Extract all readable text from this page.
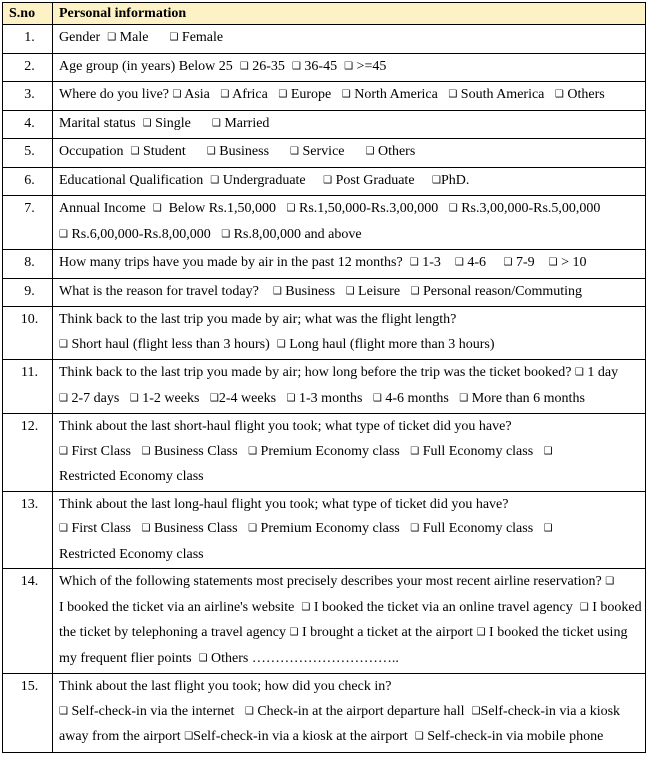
S.no	Personal information
1.	Gender ❑ Male ❑ Female
2.	Age group (in years) Below 25 ❑ 26-35 ❑ 36-45 ❑ >=45
3.	Where do you live? ❑ Asia ❑ Africa ❑ Europe ❑ North America ❑ South America ❑ Others
4.	Marital status ❑ Single ❑ Married
5.	Occupation ❑ Student ❑ Business ❑ Service ❑ Others
6.	Educational Qualification ❑ Undergraduate ❑ Post Graduate ❑PhD.
7.	Annual Income ❑ Below Rs.1,50,000 ❑ Rs.1,50,000-Rs.3,00,000 ❑ Rs.3,00,000-Rs.5,00,000 ❑ Rs.6,00,000-Rs.8,00,000 ❑ Rs.8,00,000 and above
8.	How many trips have you made by air in the past 12 months? ❑ 1-3 ❑ 4-6 ❑ 7-9 ❑ > 10
9.	What is the reason for travel today? ❑ Business ❑ Leisure ❑ Personal reason/Commuting
10.	Think back to the last trip you made by air; what was the flight length?
❑ Short haul (flight less than 3 hours) ❑ Long haul (flight more than 3 hours)
11.	Think back to the last trip you made by air; how long before the trip was the ticket booked? ❑ 1 day
❑ 2-7 days ❑ 1-2 weeks ❑2-4 weeks ❑ 1-3 months ❑ 4-6 months ❑ More than 6 months
12.	Think about the last short-haul flight you took; what type of ticket did you have?
❑ First Class ❑ Business Class ❑ Premium Economy class ❑ Full Economy class ❑
Restricted Economy class
13.	Think about the last long-haul flight you took; what type of ticket did you have?
❑ First Class ❑ Business Class ❑ Premium Economy class ❑ Full Economy class ❑
Restricted Economy class
14.	Which of the following statements most precisely describes your most recent airline reservation? ❑
I booked the ticket via an airline's website ❑ I booked the ticket via an online travel agency ❑ I booked the ticket by telephoning a travel agency ❑ I brought a ticket at the airport ❑ I booked the ticket using my frequent flier points ❑ Others …………………………..
15.	Think about the last flight you took; how did you check in?
❑ Self-check-in via the internet ❑ Check-in at the airport departure hall ❑Self-check-in via a kiosk away from the airport ❑Self-check-in via a kiosk at the airport ❑ Self-check-in via mobile phone
